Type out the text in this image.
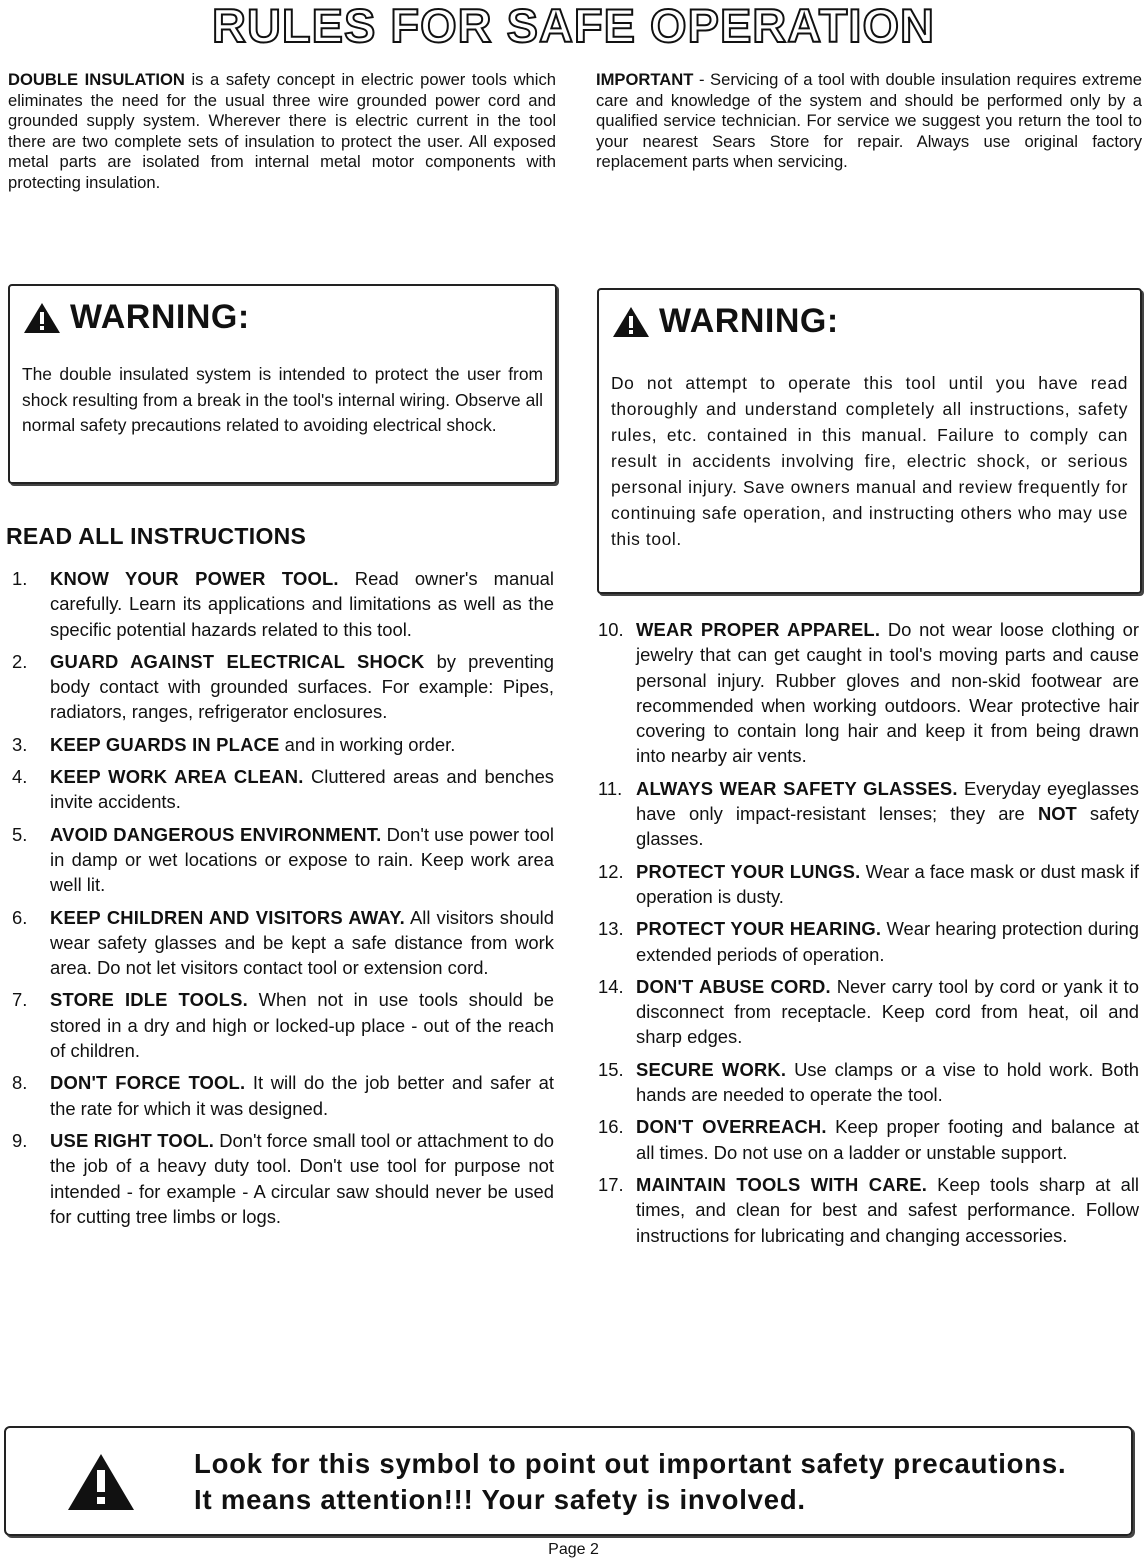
RULES FOR SAFE OPERATION
DOUBLE INSULATION is a safety concept in electric power tools which eliminates the need for the usual three wire grounded power cord and grounded supply system. Wherever there is electric current in the tool there are two complete sets of insulation to protect the user. All exposed metal parts are isolated from internal metal motor components with protecting insulation.
IMPORTANT - Servicing of a tool with double insulation requires extreme care and knowledge of the system and should be performed only by a qualified service technician. For service we suggest you return the tool to your nearest Sears Store for repair. Always use original factory replacement parts when servicing.
WARNING:
The double insulated system is intended to protect the user from shock resulting from a break in the tool's internal wiring. Observe all normal safety precautions related to avoiding electrical shock.
WARNING:
Do not attempt to operate this tool until you have read thoroughly and understand completely all instructions, safety rules, etc. contained in this manual. Failure to comply can result in accidents involving fire, electric shock, or serious personal injury. Save owners manual and review frequently for continuing safe operation, and instructing others who may use this tool.
READ ALL INSTRUCTIONS
1. KNOW YOUR POWER TOOL. Read owner's manual carefully. Learn its applications and limitations as well as the specific potential hazards related to this tool.
2. GUARD AGAINST ELECTRICAL SHOCK by preventing body contact with grounded surfaces. For example: Pipes, radiators, ranges, refrigerator enclosures.
3. KEEP GUARDS IN PLACE and in working order.
4. KEEP WORK AREA CLEAN. Cluttered areas and benches invite accidents.
5. AVOID DANGEROUS ENVIRONMENT. Don't use power tool in damp or wet locations or expose to rain. Keep work area well lit.
6. KEEP CHILDREN AND VISITORS AWAY. All visitors should wear safety glasses and be kept a safe distance from work area. Do not let visitors contact tool or extension cord.
7. STORE IDLE TOOLS. When not in use tools should be stored in a dry and high or locked-up place - out of the reach of children.
8. DON'T FORCE TOOL. It will do the job better and safer at the rate for which it was designed.
9. USE RIGHT TOOL. Don't force small tool or attachment to do the job of a heavy duty tool. Don't use tool for purpose not intended - for example - A circular saw should never be used for cutting tree limbs or logs.
10. WEAR PROPER APPAREL. Do not wear loose clothing or jewelry that can get caught in tool's moving parts and cause personal injury. Rubber gloves and non-skid footwear are recommended when working outdoors. Wear protective hair covering to contain long hair and keep it from being drawn into nearby air vents.
11. ALWAYS WEAR SAFETY GLASSES. Everyday eyeglasses have only impact-resistant lenses; they are NOT safety glasses.
12. PROTECT YOUR LUNGS. Wear a face mask or dust mask if operation is dusty.
13. PROTECT YOUR HEARING. Wear hearing protection during extended periods of operation.
14. DON'T ABUSE CORD. Never carry tool by cord or yank it to disconnect from receptacle. Keep cord from heat, oil and sharp edges.
15. SECURE WORK. Use clamps or a vise to hold work. Both hands are needed to operate the tool.
16. DON'T OVERREACH. Keep proper footing and balance at all times. Do not use on a ladder or unstable support.
17. MAINTAIN TOOLS WITH CARE. Keep tools sharp at all times, and clean for best and safest performance. Follow instructions for lubricating and changing accessories.
Look for this symbol to point out important safety precautions.
It means attention!!! Your safety is involved.
Page 2
